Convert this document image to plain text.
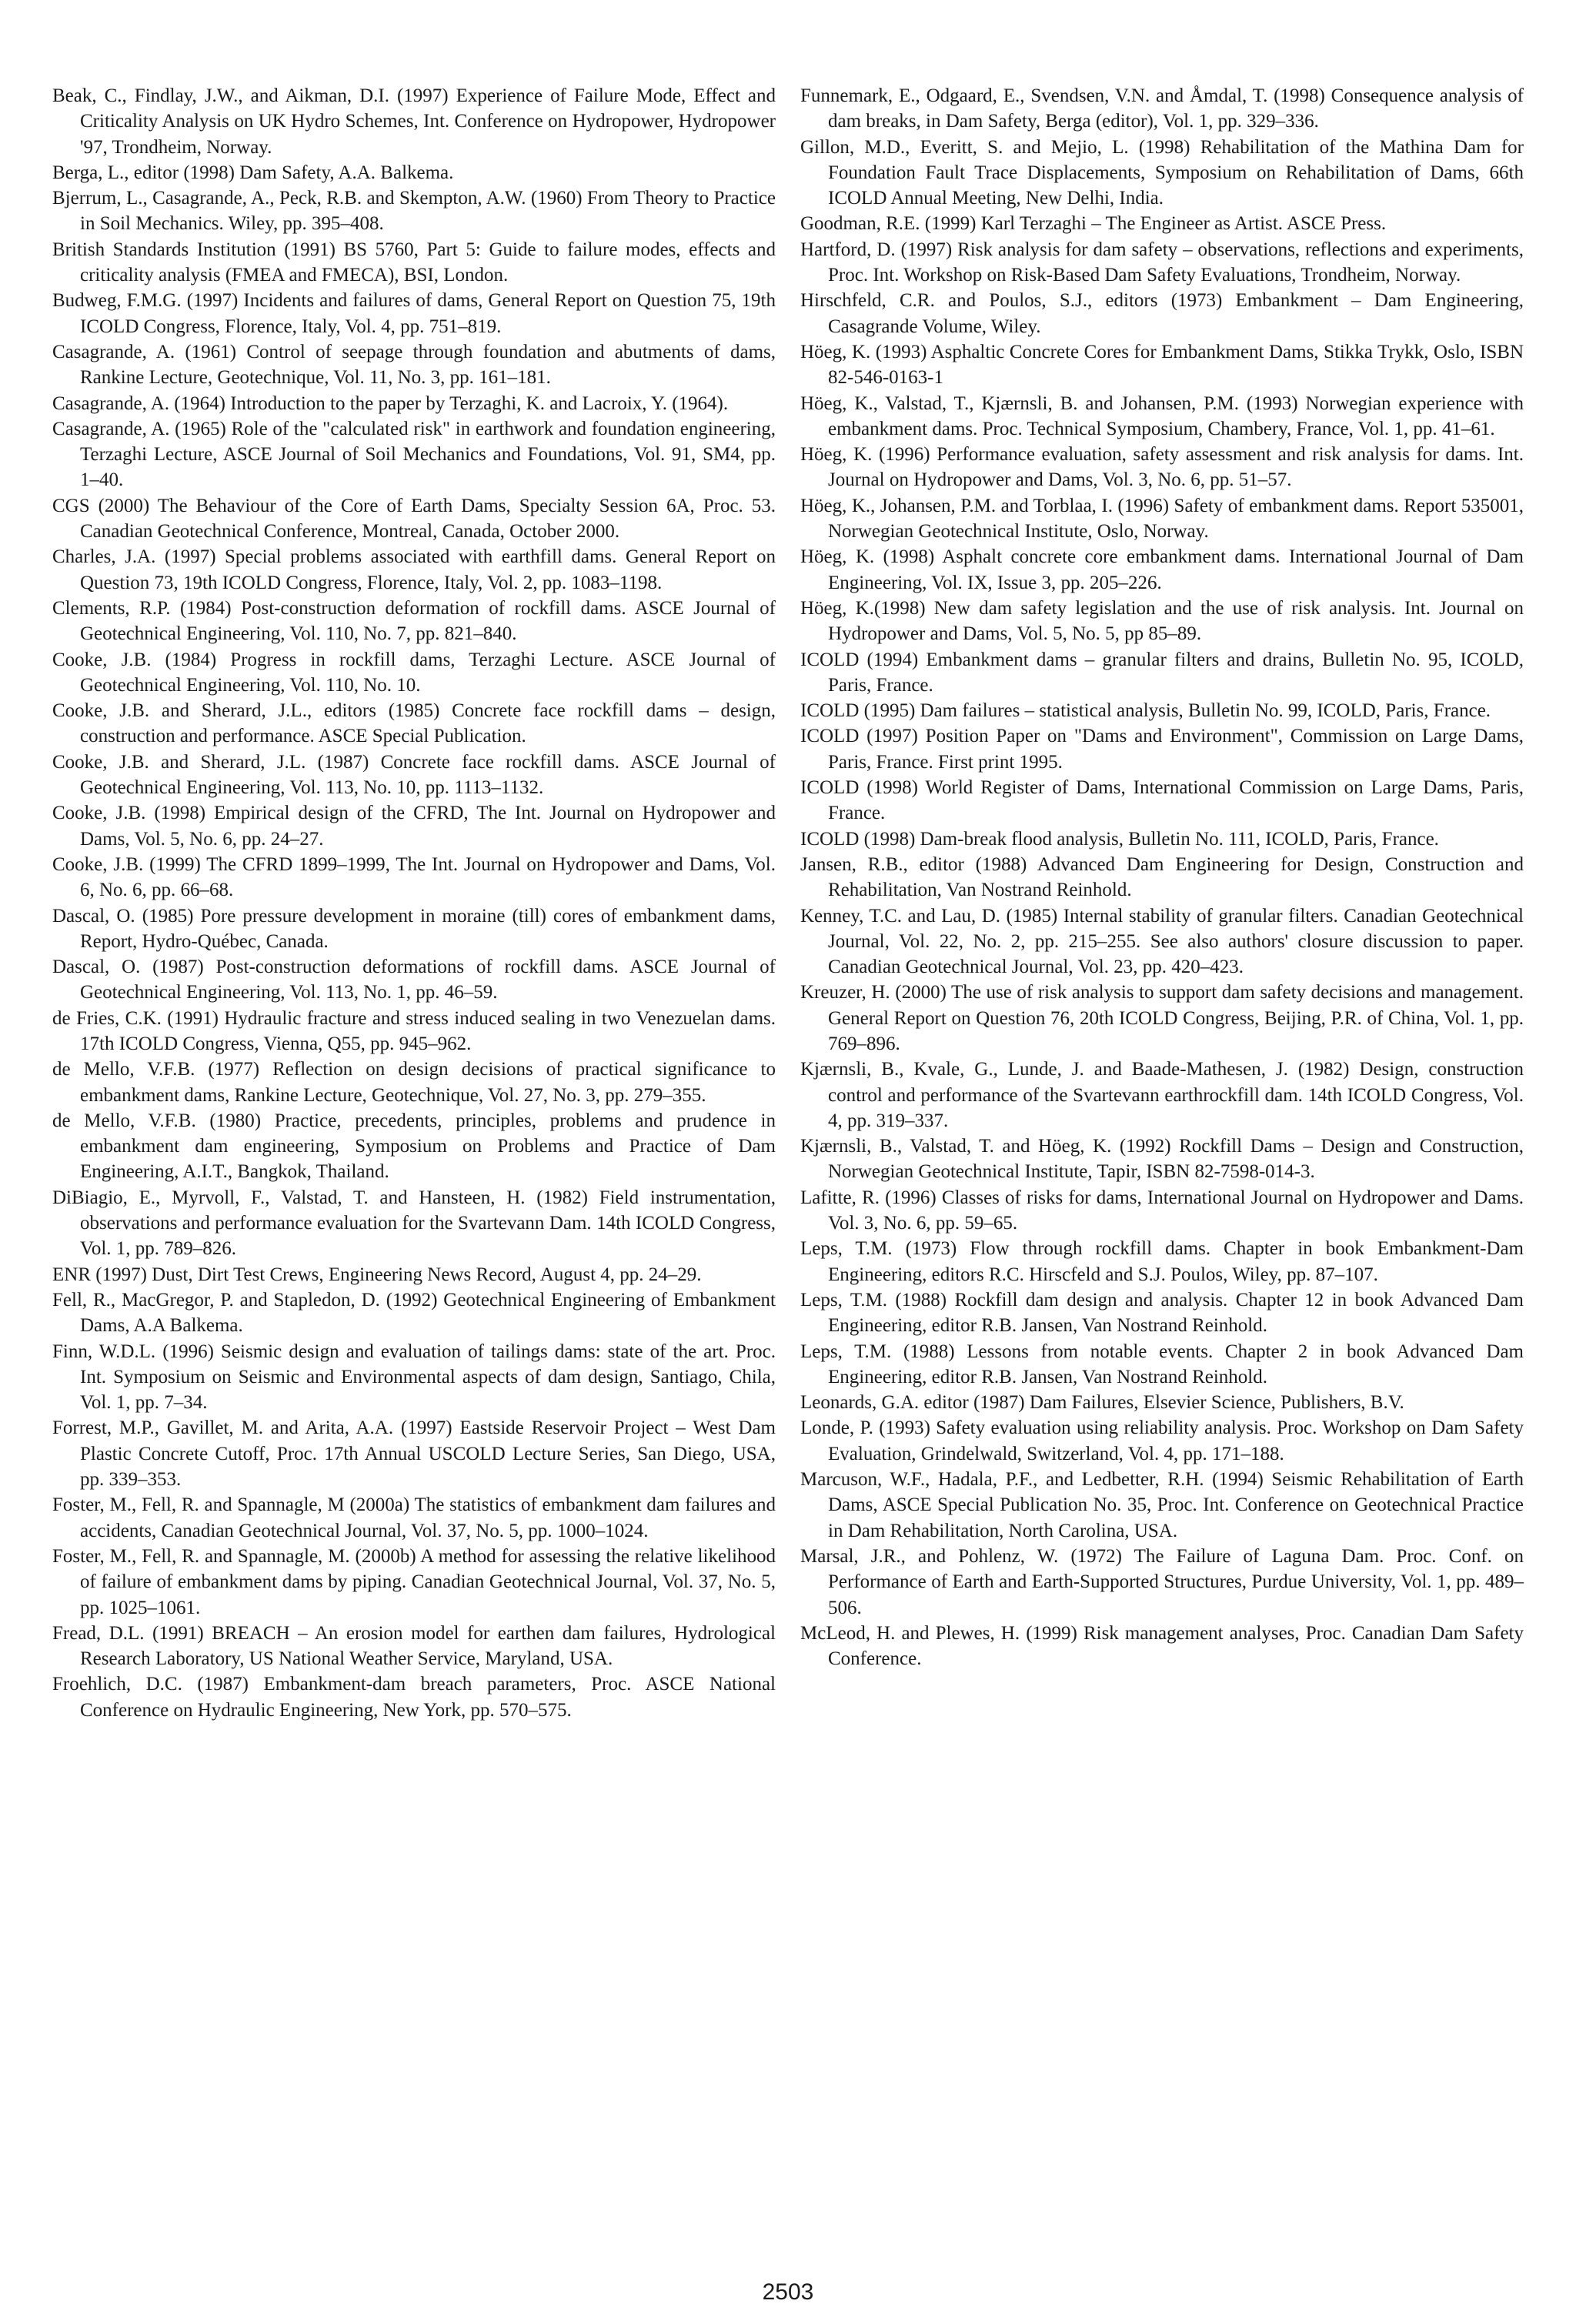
Beak, C., Findlay, J.W., and Aikman, D.I. (1997) Experience of Failure Mode, Effect and Criticality Analysis on UK Hydro Schemes, Int. Conference on Hydropower, Hydropower '97, Trondheim, Norway.

Berga, L., editor (1998) Dam Safety, A.A. Balkema.

Bjerrum, L., Casagrande, A., Peck, R.B. and Skempton, A.W. (1960) From Theory to Practice in Soil Mechanics. Wiley, pp. 395–408.

British Standards Institution (1991) BS 5760, Part 5: Guide to failure modes, effects and criticality analysis (FMEA and FMECA), BSI, London.

Budweg, F.M.G. (1997) Incidents and failures of dams, General Report on Question 75, 19th ICOLD Congress, Florence, Italy, Vol. 4, pp. 751–819.

Casagrande, A. (1961) Control of seepage through foundation and abutments of dams, Rankine Lecture, Geotechnique, Vol. 11, No. 3, pp. 161–181.

Casagrande, A. (1964) Introduction to the paper by Terzaghi, K. and Lacroix, Y. (1964).

Casagrande, A. (1965) Role of the "calculated risk" in earthwork and foundation engineering, Terzaghi Lecture, ASCE Journal of Soil Mechanics and Foundations, Vol. 91, SM4, pp. 1–40.

CGS (2000) The Behaviour of the Core of Earth Dams, Specialty Session 6A, Proc. 53. Canadian Geotechnical Conference, Montreal, Canada, October 2000.

Charles, J.A. (1997) Special problems associated with earthfill dams. General Report on Question 73, 19th ICOLD Congress, Florence, Italy, Vol. 2, pp. 1083–1198.

Clements, R.P. (1984) Post-construction deformation of rockfill dams. ASCE Journal of Geotechnical Engineering, Vol. 110, No. 7, pp. 821–840.

Cooke, J.B. (1984) Progress in rockfill dams, Terzaghi Lecture. ASCE Journal of Geotechnical Engineering, Vol. 110, No. 10.

Cooke, J.B. and Sherard, J.L., editors (1985) Concrete face rockfill dams – design, construction and performance. ASCE Special Publication.

Cooke, J.B. and Sherard, J.L. (1987) Concrete face rockfill dams. ASCE Journal of Geotechnical Engineering, Vol. 113, No. 10, pp. 1113–1132.

Cooke, J.B. (1998) Empirical design of the CFRD, The Int. Journal on Hydropower and Dams, Vol. 5, No. 6, pp. 24–27.

Cooke, J.B. (1999) The CFRD 1899–1999, The Int. Journal on Hydropower and Dams, Vol. 6, No. 6, pp. 66–68.

Dascal, O. (1985) Pore pressure development in moraine (till) cores of embankment dams, Report, Hydro-Québec, Canada.

Dascal, O. (1987) Post-construction deformations of rockfill dams. ASCE Journal of Geotechnical Engineering, Vol. 113, No. 1, pp. 46–59.

de Fries, C.K. (1991) Hydraulic fracture and stress induced sealing in two Venezuelan dams. 17th ICOLD Congress, Vienna, Q55, pp. 945–962.

de Mello, V.F.B. (1977) Reflection on design decisions of practical significance to embankment dams, Rankine Lecture, Geotechnique, Vol. 27, No. 3, pp. 279–355.

de Mello, V.F.B. (1980) Practice, precedents, principles, problems and prudence in embankment dam engineering, Symposium on Problems and Practice of Dam Engineering, A.I.T., Bangkok, Thailand.

DiBiagio, E., Myrvoll, F., Valstad, T. and Hansteen, H. (1982) Field instrumentation, observations and performance evaluation for the Svartevann Dam. 14th ICOLD Congress, Vol. 1, pp. 789–826.

ENR (1997) Dust, Dirt Test Crews, Engineering News Record, August 4, pp. 24–29.

Fell, R., MacGregor, P. and Stapledon, D. (1992) Geotechnical Engineering of Embankment Dams, A.A Balkema.

Finn, W.D.L. (1996) Seismic design and evaluation of tailings dams: state of the art. Proc. Int. Symposium on Seismic and Environmental aspects of dam design, Santiago, Chila, Vol. 1, pp. 7–34.

Forrest, M.P., Gavillet, M. and Arita, A.A. (1997) Eastside Reservoir Project – West Dam Plastic Concrete Cutoff, Proc. 17th Annual USCOLD Lecture Series, San Diego, USA, pp. 339–353.

Foster, M., Fell, R. and Spannagle, M (2000a) The statistics of embankment dam failures and accidents, Canadian Geotechnical Journal, Vol. 37, No. 5, pp. 1000–1024.

Foster, M., Fell, R. and Spannagle, M. (2000b) A method for assessing the relative likelihood of failure of embankment dams by piping. Canadian Geotechnical Journal, Vol. 37, No. 5, pp. 1025–1061.

Fread, D.L. (1991) BREACH – An erosion model for earthen dam failures, Hydrological Research Laboratory, US National Weather Service, Maryland, USA.

Froehlich, D.C. (1987) Embankment-dam breach parameters, Proc. ASCE National Conference on Hydraulic Engineering, New York, pp. 570–575.

Funnemark, E., Odgaard, E., Svendsen, V.N. and Åmdal, T. (1998) Consequence analysis of dam breaks, in Dam Safety, Berga (editor), Vol. 1, pp. 329–336.

Gillon, M.D., Everitt, S. and Mejio, L. (1998) Rehabilitation of the Mathina Dam for Foundation Fault Trace Displacements, Symposium on Rehabilitation of Dams, 66th ICOLD Annual Meeting, New Delhi, India.

Goodman, R.E. (1999) Karl Terzaghi – The Engineer as Artist. ASCE Press.

Hartford, D. (1997) Risk analysis for dam safety – observations, reflections and experiments, Proc. Int. Workshop on Risk-Based Dam Safety Evaluations, Trondheim, Norway.

Hirschfeld, C.R. and Poulos, S.J., editors (1973) Embankment – Dam Engineering, Casagrande Volume, Wiley.

Höeg, K. (1993) Asphaltic Concrete Cores for Embankment Dams, Stikka Trykk, Oslo, ISBN 82-546-0163-1

Höeg, K., Valstad, T., Kjærnsli, B. and Johansen, P.M. (1993) Norwegian experience with embankment dams. Proc. Technical Symposium, Chambery, France, Vol. 1, pp. 41–61.

Höeg, K. (1996) Performance evaluation, safety assessment and risk analysis for dams. Int. Journal on Hydropower and Dams, Vol. 3, No. 6, pp. 51–57.

Höeg, K., Johansen, P.M. and Torblaa, I. (1996) Safety of embankment dams. Report 535001, Norwegian Geotechnical Institute, Oslo, Norway.

Höeg, K. (1998) Asphalt concrete core embankment dams. International Journal of Dam Engineering, Vol. IX, Issue 3, pp. 205–226.

Höeg, K.(1998) New dam safety legislation and the use of risk analysis. Int. Journal on Hydropower and Dams, Vol. 5, No. 5, pp 85–89.

ICOLD (1994) Embankment dams – granular filters and drains, Bulletin No. 95, ICOLD, Paris, France.

ICOLD (1995) Dam failures – statistical analysis, Bulletin No. 99, ICOLD, Paris, France.

ICOLD (1997) Position Paper on "Dams and Environment", Commission on Large Dams, Paris, France. First print 1995.

ICOLD (1998) World Register of Dams, International Commission on Large Dams, Paris, France.

ICOLD (1998) Dam-break flood analysis, Bulletin No. 111, ICOLD, Paris, France.

Jansen, R.B., editor (1988) Advanced Dam Engineering for Design, Construction and Rehabilitation, Van Nostrand Reinhold.

Kenney, T.C. and Lau, D. (1985) Internal stability of granular filters. Canadian Geotechnical Journal, Vol. 22, No. 2, pp. 215–255. See also authors' closure discussion to paper. Canadian Geotechnical Journal, Vol. 23, pp. 420–423.

Kreuzer, H. (2000) The use of risk analysis to support dam safety decisions and management. General Report on Question 76, 20th ICOLD Congress, Beijing, P.R. of China, Vol. 1, pp. 769–896.

Kjærnsli, B., Kvale, G., Lunde, J. and Baade-Mathesen, J. (1982) Design, construction control and performance of the Svartevann earthrockfill dam. 14th ICOLD Congress, Vol. 4, pp. 319–337.

Kjærnsli, B., Valstad, T. and Höeg, K. (1992) Rockfill Dams – Design and Construction, Norwegian Geotechnical Institute, Tapir, ISBN 82-7598-014-3.

Lafitte, R. (1996) Classes of risks for dams, International Journal on Hydropower and Dams. Vol. 3, No. 6, pp. 59–65.

Leps, T.M. (1973) Flow through rockfill dams. Chapter in book Embankment-Dam Engineering, editors R.C. Hirscfeld and S.J. Poulos, Wiley, pp. 87–107.

Leps, T.M. (1988) Rockfill dam design and analysis. Chapter 12 in book Advanced Dam Engineering, editor R.B. Jansen, Van Nostrand Reinhold.

Leps, T.M. (1988) Lessons from notable events. Chapter 2 in book Advanced Dam Engineering, editor R.B. Jansen, Van Nostrand Reinhold.

Leonards, G.A. editor (1987) Dam Failures, Elsevier Science, Publishers, B.V.

Londe, P. (1993) Safety evaluation using reliability analysis. Proc. Workshop on Dam Safety Evaluation, Grindelwald, Switzerland, Vol. 4, pp. 171–188.

Marcuson, W.F., Hadala, P.F., and Ledbetter, R.H. (1994) Seismic Rehabilitation of Earth Dams, ASCE Special Publication No. 35, Proc. Int. Conference on Geotechnical Practice in Dam Rehabilitation, North Carolina, USA.

Marsal, J.R., and Pohlenz, W. (1972) The Failure of Laguna Dam. Proc. Conf. on Performance of Earth and Earth-Supported Structures, Purdue University, Vol. 1, pp. 489–506.

McLeod, H. and Plewes, H. (1999) Risk management analyses, Proc. Canadian Dam Safety Conference.

2503
